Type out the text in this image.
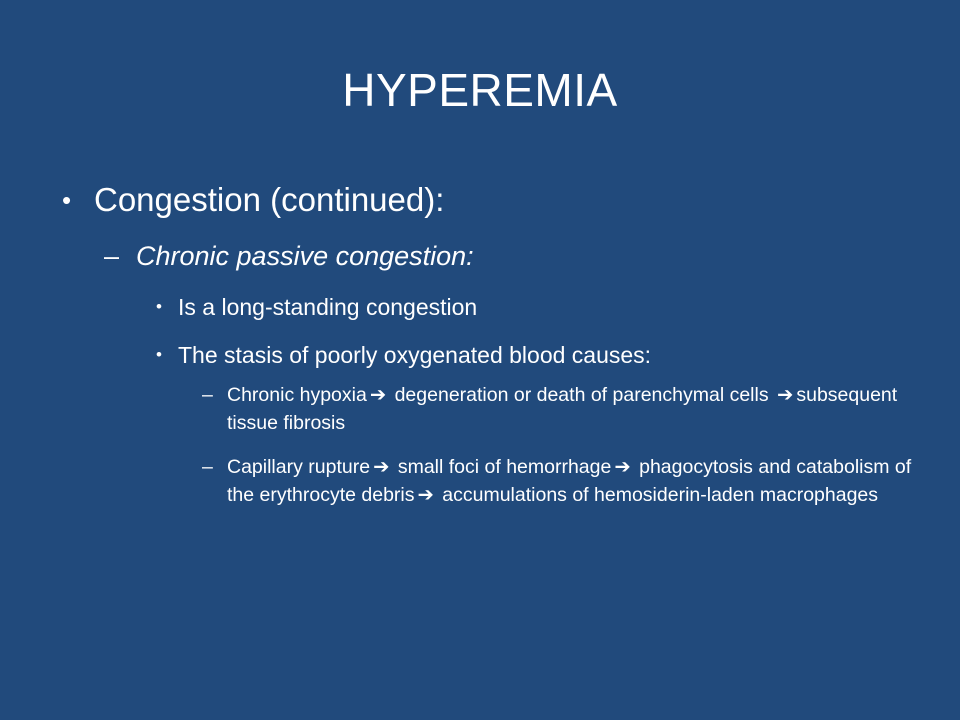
HYPEREMIA
• Congestion (continued):
– Chronic passive congestion:
• Is a long-standing congestion
• The stasis of poorly oxygenated blood causes:
– Chronic hypoxia ➔ degeneration or death of parenchymal cells ➔ subsequent tissue fibrosis
– Capillary rupture ➔ small foci of hemorrhage ➔ phagocytosis and catabolism of the erythrocyte debris ➔ accumulations of hemosiderin-laden macrophages
